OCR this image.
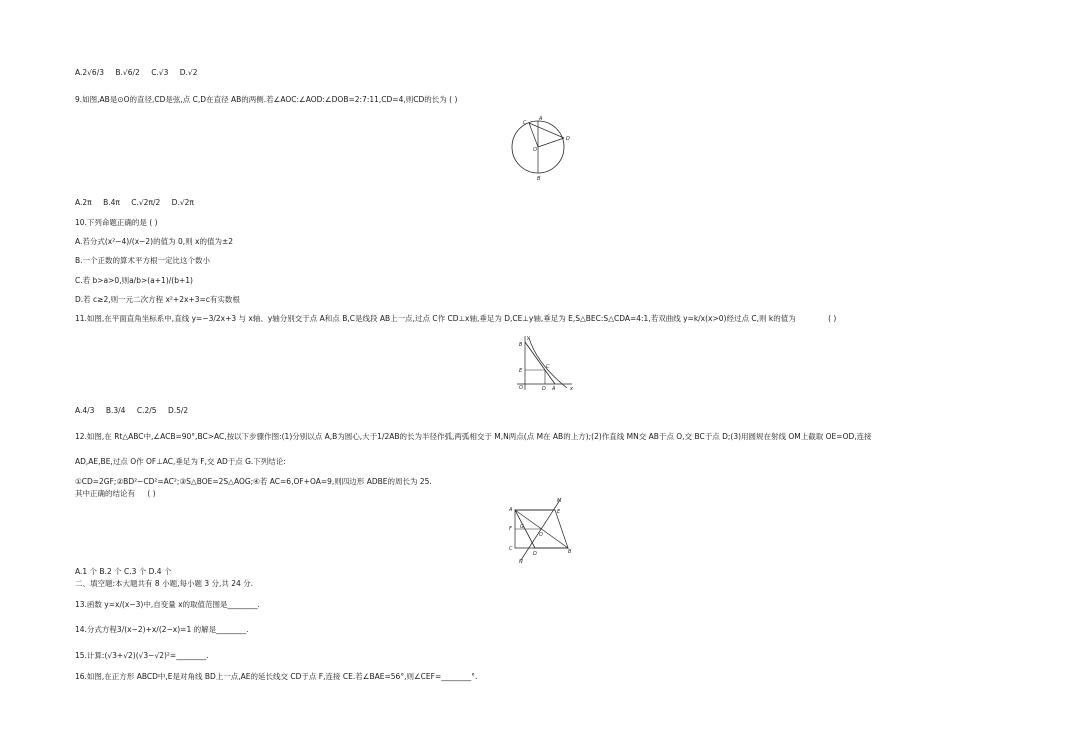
A.2√6/3 B.√6/2 C.√3 D.√2
9.如图,AB是⊙O的直径,CD是弦,点 C,D在直径 AB的两侧.若∠AOC:∠AOD:∠DOB=2:7:11,CD=4,则CD的长为 ( )
C
A
D
O
B
A.2π B.4π C.√2π/2 D.√2π
10.下列命题正确的是 ( )
A.若分式(x²−4)/(x−2)的值为 0,则 x的值为±2
B.一个正数的算术平方根一定比这个数小
C.若 b>a>0,则a/b>(a+1)/(b+1)
D.若 c≥2,则一元二次方程 x²+2x+3=c有实数根
11.如图,在平面直角坐标系中,直线 y=−3/2x+3 与 x轴、y轴分别交于点 A和点 B,C是线段 AB上一点,过点 C作 CD⊥x轴,垂足为 D,CE⊥y轴,垂足为 E,S△BEC:S△CDA=4:1,若双曲线 y=k/x(x>0)经过点 C,则 k的值为	( )
y
B
E
C
O	D A	x
A.4/3 B.3/4 C.2/5 D.5/2
12.如图,在 Rt△ABC中,∠ACB=90°,BC>AC,按以下步骤作图:(1)分别以点 A,B为圆心,大于1/2AB的长为半径作弧,两弧相交于 M,N两点(点 M在 AB的上方);(2)作直线 MN交 AB于点 O,交 BC于点 D;(3)用圆规在射线 OM上截取 OE=OD,连接
AD,AE,BE,过点 O作 OF⊥AC,垂足为 F,交 AD于点 G.下列结论:
①CD=2GF;②BD²−CD²=AC²;③S△BOE=2S△AOG;④若 AC=6,OF+OA=9,则四边形 ADBE的周长为 25.
其中正确的结论有 ( )
M
A	E
F G
O
C
D	B
N
A.1 个 B.2 个 C.3 个 D.4 个
二、填空题:本大题共有 8 小题,每小题 3 分,共 24 分.
13.函数 y=x/(x−3)中,自变量 x的取值范围是________.
14.分式方程3/(x−2)+x/(2−x)=1 的解是________.
15.计算:(√3+√2)(√3−√2)²=________.
16.如图,在正方形 ABCD中,E是对角线 BD上一点,AE的延长线交 CD于点 F,连接 CE.若∠BAE=56°,则∠CEF=________°.
